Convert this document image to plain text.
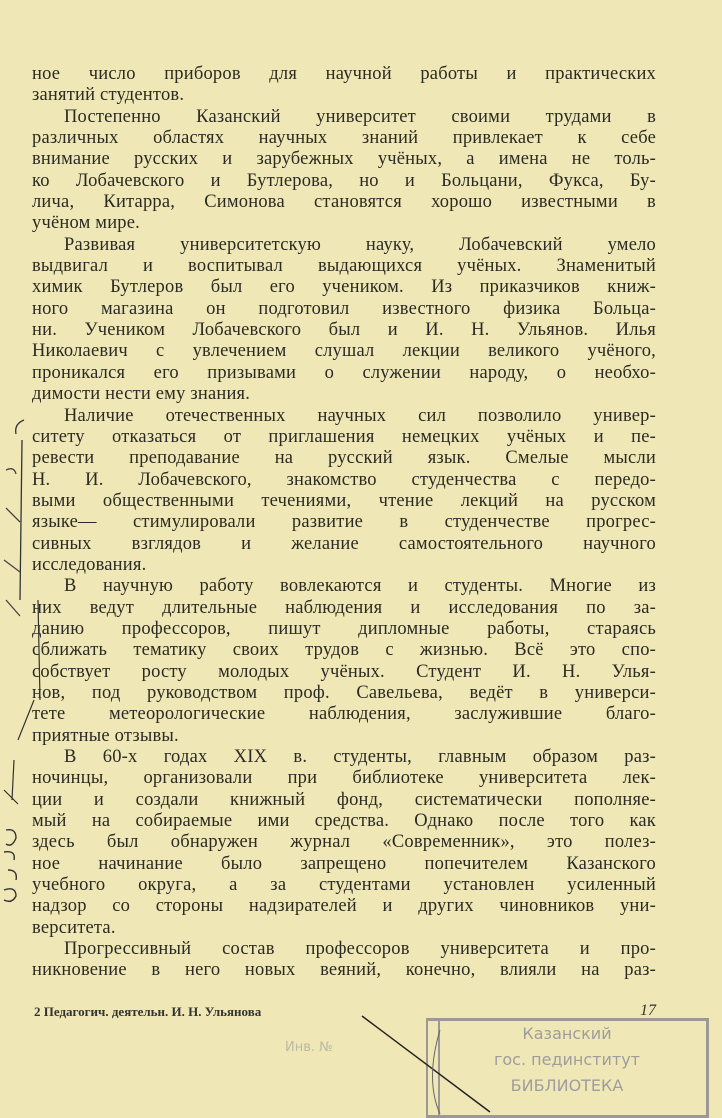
ное число приборов для научной работы и практических
занятий студентов.
Постепенно Казанский университет своими трудами в
различных областях научных знаний привлекает к себе
внимание русских и зарубежных учёных, а имена не толь-
ко Лобачевского и Бутлерова, но и Больцани, Фукса, Бу-
лича, Китарра, Симонова становятся хорошо известными в
учёном мире.
Развивая университетскую науку, Лобачевский умело
выдвигал и воспитывал выдающихся учёных. Знаменитый
химик Бутлеров был его учеником. Из приказчиков книж-
ного магазина он подготовил известного физика Больца-
ни. Учеником Лобачевского был и И. Н. Ульянов. Илья
Николаевич с увлечением слушал лекции великого учёного,
проникался его призывами о служении народу, о необхо-
димости нести ему знания.
Наличие отечественных научных сил позволило универ-
ситету отказаться от приглашения немецких учёных и пе-
ревести преподавание на русский язык. Смелые мысли
Н. И. Лобачевского, знакомство студенчества с передо-
выми общественными течениями, чтение лекций на русском
языке— стимулировали развитие в студенчестве прогрес-
сивных взглядов и желание самостоятельного научного
исследования.
В научную работу вовлекаются и студенты. Многие из
них ведут длительные наблюдения и исследования по за-
данию профессоров, пишут дипломные работы, стараясь
сближать тематику своих трудов с жизнью. Всё это спо-
собствует росту молодых учёных. Студент И. Н. Улья-
нов, под руководством проф. Савельева, ведёт в универси-
тете метеорологические наблюдения, заслужившие благо-
приятные отзывы.
В 60-х годах XIX в. студенты, главным образом раз-
ночинцы, организовали при библиотеке университета лек-
ции и создали книжный фонд, систематически пополняе-
мый на собираемые ими средства. Однако после того как
здесь был обнаружен журнал «Современник», это полез-
ное начинание было запрещено попечителем Казанского
учебного округа, а за студентами установлен усиленный
надзор со стороны надзирателей и других чиновников уни-
верситета.
Прогрессивный состав профессоров университета и про-
никновение в него новых веяний, конечно, влияли на раз-
2 Педагогич. деятельн. И. Н. Ульянова	17
Инв. №
Казанский
гос. пединститут
БИБЛИОТЕКА
